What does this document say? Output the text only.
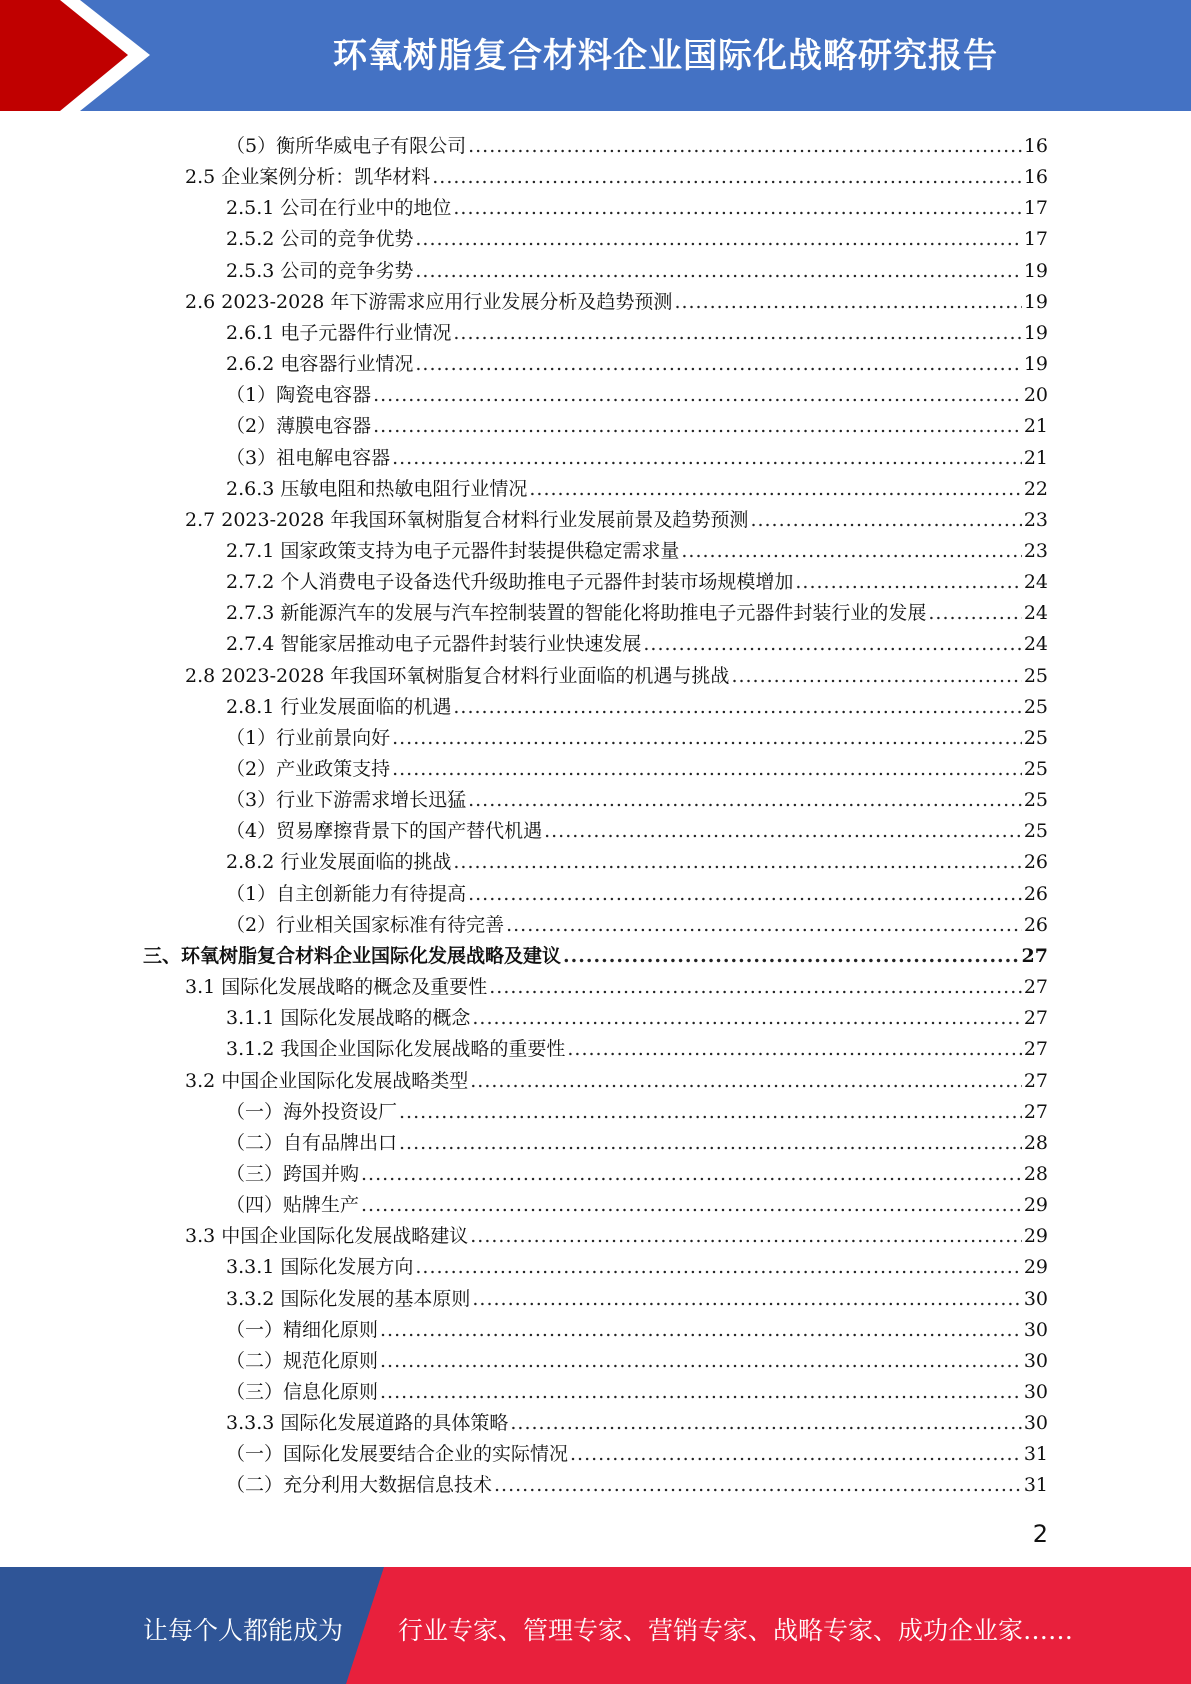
环氧树脂复合材料企业国际化战略研究报告
（5）衡所华威电子有限公司 .....	16
2.5 企业案例分析：凯华材料 .....	16
2.5.1 公司在行业中的地位 .....	17
2.5.2 公司的竞争优势 .....	17
2.5.3 公司的竞争劣势 .....	19
2.6 2023-2028 年下游需求应用行业发展分析及趋势预测 .....	19
2.6.1 电子元器件行业情况 .....	19
2.6.2 电容器行业情况 .....	19
（1）陶瓷电容器 .....	20
（2）薄膜电容器 .....	21
（3）祖电解电容器 .....	21
2.6.3 压敏电阻和热敏电阻行业情况 .....	22
2.7 2023-2028 年我国环氧树脂复合材料行业发展前景及趋势预测 .....	23
2.7.1 国家政策支持为电子元器件封装提供稳定需求量 .....	23
2.7.2 个人消费电子设备迭代升级助推电子元器件封装市场规模增加 .....	24
2.7.3 新能源汽车的发展与汽车控制装置的智能化将助推电子元器件封装行业的发展 .....	24
2.7.4 智能家居推动电子元器件封装行业快速发展 .....	24
2.8 2023-2028 年我国环氧树脂复合材料行业面临的机遇与挑战 .....	25
2.8.1 行业发展面临的机遇 .....	25
（1）行业前景向好 .....	25
（2）产业政策支持 .....	25
（3）行业下游需求增长迅猛 .....	25
（4）贸易摩擦背景下的国产替代机遇 .....	25
2.8.2 行业发展面临的挑战 .....	26
（1）自主创新能力有待提高 .....	26
（2）行业相关国家标准有待完善 .....	26
三、环氧树脂复合材料企业国际化发展战略及建议 .....	27
3.1 国际化发展战略的概念及重要性 .....	27
3.1.1 国际化发展战略的概念 .....	27
3.1.2 我国企业国际化发展战略的重要性 .....	27
3.2 中国企业国际化发展战略类型 .....	27
（一）海外投资设厂 .....	27
（二）自有品牌出口 .....	28
（三）跨国并购 .....	28
（四）贴牌生产 .....	29
3.3 中国企业国际化发展战略建议 .....	29
3.3.1 国际化发展方向 .....	29
3.3.2 国际化发展的基本原则 .....	30
（一）精细化原则 .....	30
（二）规范化原则 .....	30
（三）信息化原则 .....	30
3.3.3 国际化发展道路的具体策略 .....	30
（一）国际化发展要结合企业的实际情况 .....	31
（二）充分利用大数据信息技术 .....	31
2
让每个人都能成为 行业专家、管理专家、营销专家、战略专家、成功企业家……
